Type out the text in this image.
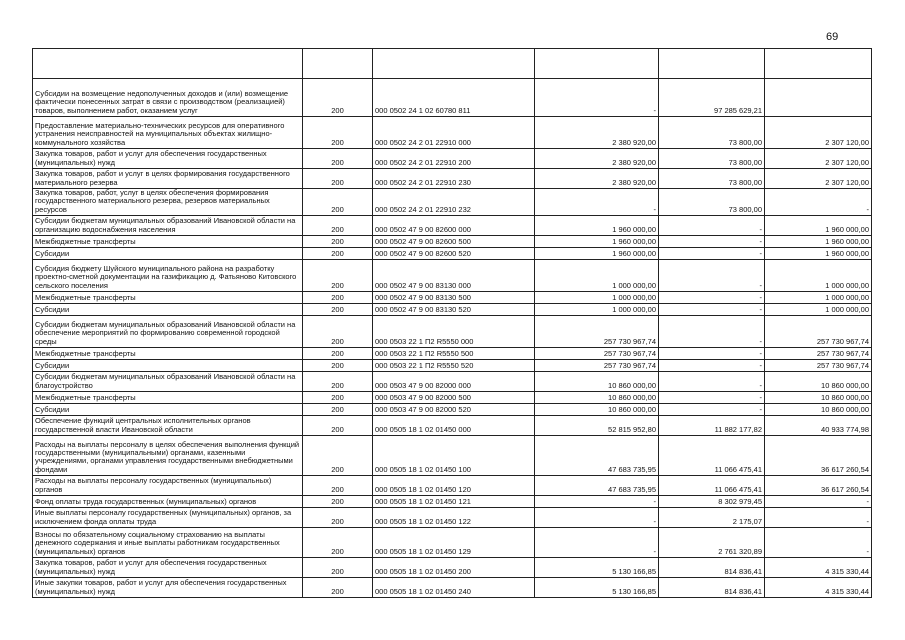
69

Субсидии на возмещение недополученных доходов и (или) возмещение фактически понесенных затрат в связи с производством (реализацией) товаров, выполнением работ, оказанием услуг	200	000 0502 24 1 02 60780 811	-	97 285 629,21	
Предоставление материально-технических ресурсов для оперативного устранения неисправностей на муниципальных объектах жилищно-коммунального хозяйства	200	000 0502 24 2 01 22910 000	2 380 920,00	73 800,00	2 307 120,00
Закупка товаров, работ и услуг для обеспечения государственных (муниципальных) нужд	200	000 0502 24 2 01 22910 200	2 380 920,00	73 800,00	2 307 120,00
Закупка товаров, работ и услуг в целях формирования государственного материального резерва	200	000 0502 24 2 01 22910 230	2 380 920,00	73 800,00	2 307 120,00
Закупка товаров, работ, услуг в целях обеспечения формирования государственного материального резерва, резервов материальных ресурсов	200	000 0502 24 2 01 22910 232	-	73 800,00	-
Субсидии бюджетам муниципальных образований Ивановской области на организацию водоснабжения населения	200	000 0502 47 9 00 82600 000	1 960 000,00	-	1 960 000,00
Межбюджетные трансферты	200	000 0502 47 9 00 82600 500	1 960 000,00	-	1 960 000,00
Субсидии	200	000 0502 47 9 00 82600 520	1 960 000,00	-	1 960 000,00
Субсидия бюджету Шуйского муниципального района на разработку проектно-сметной документации на газификацию д. Фатьяново Китовского сельского поселения	200	000 0502 47 9 00 83130 000	1 000 000,00	-	1 000 000,00
Межбюджетные трансферты	200	000 0502 47 9 00 83130 500	1 000 000,00	-	1 000 000,00
Субсидии	200	000 0502 47 9 00 83130 520	1 000 000,00	-	1 000 000,00
Субсидии бюджетам муниципальных образований Ивановской области на обеспечение мероприятий по формированию современной городской среды	200	000 0503 22 1 П2 R5550 000	257 730 967,74	-	257 730 967,74
Межбюджетные трансферты	200	000 0503 22 1 П2 R5550 500	257 730 967,74	-	257 730 967,74
Субсидии	200	000 0503 22 1 П2 R5550 520	257 730 967,74	-	257 730 967,74
Субсидии бюджетам муниципальных образований Ивановской области на благоустройство	200	000 0503 47 9 00 82000 000	10 860 000,00	-	10 860 000,00
Межбюджетные трансферты	200	000 0503 47 9 00 82000 500	10 860 000,00	-	10 860 000,00
Субсидии	200	000 0503 47 9 00 82000 520	10 860 000,00	-	10 860 000,00
Обеспечение функций центральных исполнительных органов государственной власти Ивановской области	200	000 0505 18 1 02 01450 000	52 815 952,80	11 882 177,82	40 933 774,98
Расходы на выплаты персоналу в целях обеспечения выполнения функций государственными (муниципальными) органами, казенными учреждениями, органами управления государственными внебюджетными фондами	200	000 0505 18 1 02 01450 100	47 683 735,95	11 066 475,41	36 617 260,54
Расходы на выплаты персоналу государственных (муниципальных) органов	200	000 0505 18 1 02 01450 120	47 683 735,95	11 066 475,41	36 617 260,54
Фонд оплаты труда государственных (муниципальных) органов	200	000 0505 18 1 02 01450 121	-	8 302 979,45	-
Иные выплаты персоналу государственных (муниципальных) органов, за исключением фонда оплаты труда	200	000 0505 18 1 02 01450 122	-	2 175,07	-
Взносы по обязательному социальному страхованию на выплаты денежного содержания и иные выплаты работникам государственных (муниципальных) органов	200	000 0505 18 1 02 01450 129	-	2 761 320,89	-
Закупка товаров, работ и услуг для обеспечения государственных (муниципальных) нужд	200	000 0505 18 1 02 01450 200	5 130 166,85	814 836,41	4 315 330,44
Иные закупки товаров, работ и услуг для обеспечения государственных (муниципальных) нужд	200	000 0505 18 1 02 01450 240	5 130 166,85	814 836,41	4 315 330,44
